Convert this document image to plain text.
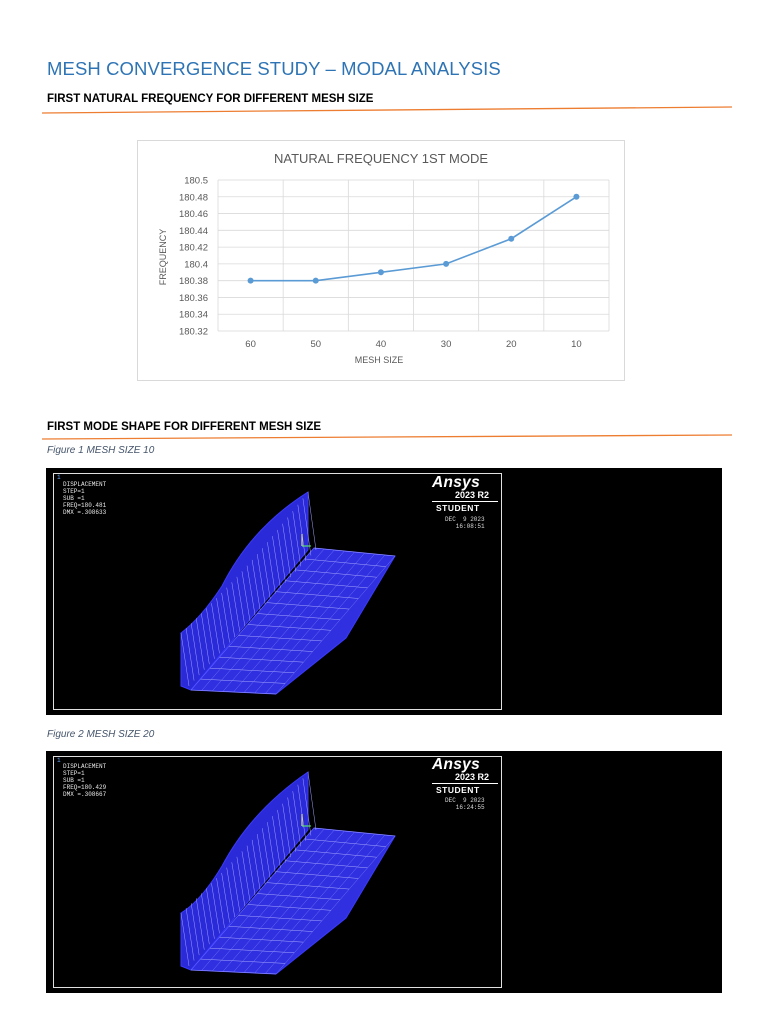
MESH CONVERGENCE STUDY – MODAL ANALYSIS
FIRST NATURAL FREQUENCY FOR DIFFERENT MESH SIZE
NATURAL FREQUENCY 1ST MODE
180.5
180.48
180.46
180.44
180.42
180.4
180.38
180.36
180.34
180.32
60	50	40	30	20	10
MESH SIZE
FREQUENCY
FIRST MODE SHAPE FOR DIFFERENT MESH SIZE
Figure 1 MESH SIZE 10
1
DISPLACEMENT
STEP=1
SUB =1
FREQ=180.481
DMX =.308633
Ansys
2023 R2
STUDENT
DEC  9 2023
16:08:51
Figure 2 MESH SIZE 20
1
DISPLACEMENT
STEP=1
SUB =1
FREQ=180.429
DMX =.308667
Ansys
2023 R2
STUDENT
DEC  9 2023
16:24:55
